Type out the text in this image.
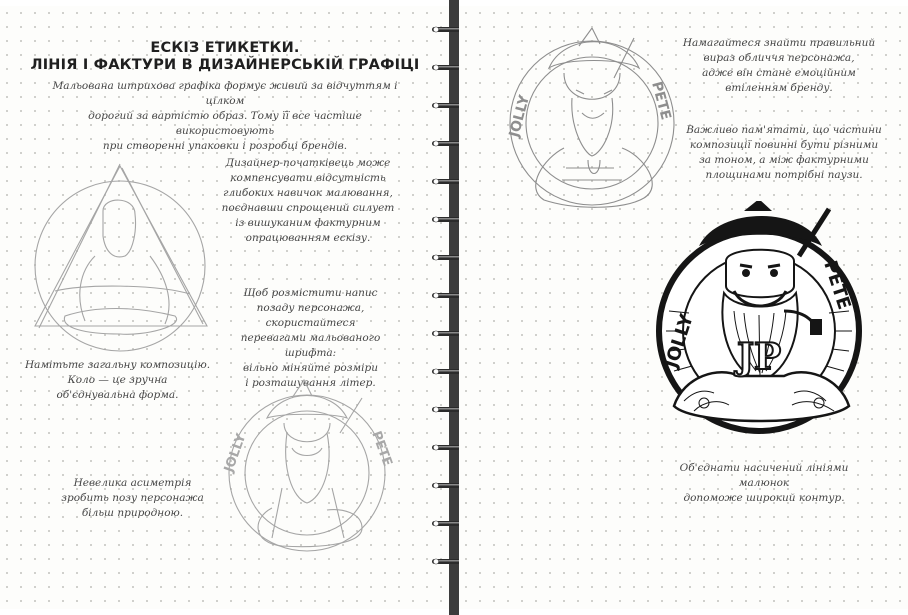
ЕСКІЗ ЕТИКЕТКИ.
ЛІНІЯ І ФАКТУРИ В ДИЗАЙНЕРСЬКІЙ ГРАФІЦІ
Мальована штрихова графіка формує живий за відчуттям і цілком
дорогий за вартістю образ. Тому її все частіше використовують
при створенні упаковки і розробці брендів.
Дизайнер-початківець може
компенсувати відсутність
глибоких навичок малювання,
поєднавши спрощений силует
із вишуканим фактурним
опрацюванням ескізу.
Щоб розмістити напис
позаду персонажа, скористайтеся
перевагами мальованого шрифта:
вільно міняйте розміри
і розташування літер.
Намітьте загальну композицію.
Коло — це зручна
об'єднувальна форма.
Невелика асиметрія
зробить позу персонажа
більш природною.
JOLLY	PETE
Намагайтеся знайти правильний
вираз обличчя персонажа,
адже він стане емоційним
втіленням бренду.
Важливо пам'ятати, що частини
композиції повинні бути різними
за тоном, а між фактурними
площинами потрібні паузи.
Об'єднати насичений лініями малюнок
допоможе широкий контур.
JOLLY	PETE
JP
JOLLY
PETE
